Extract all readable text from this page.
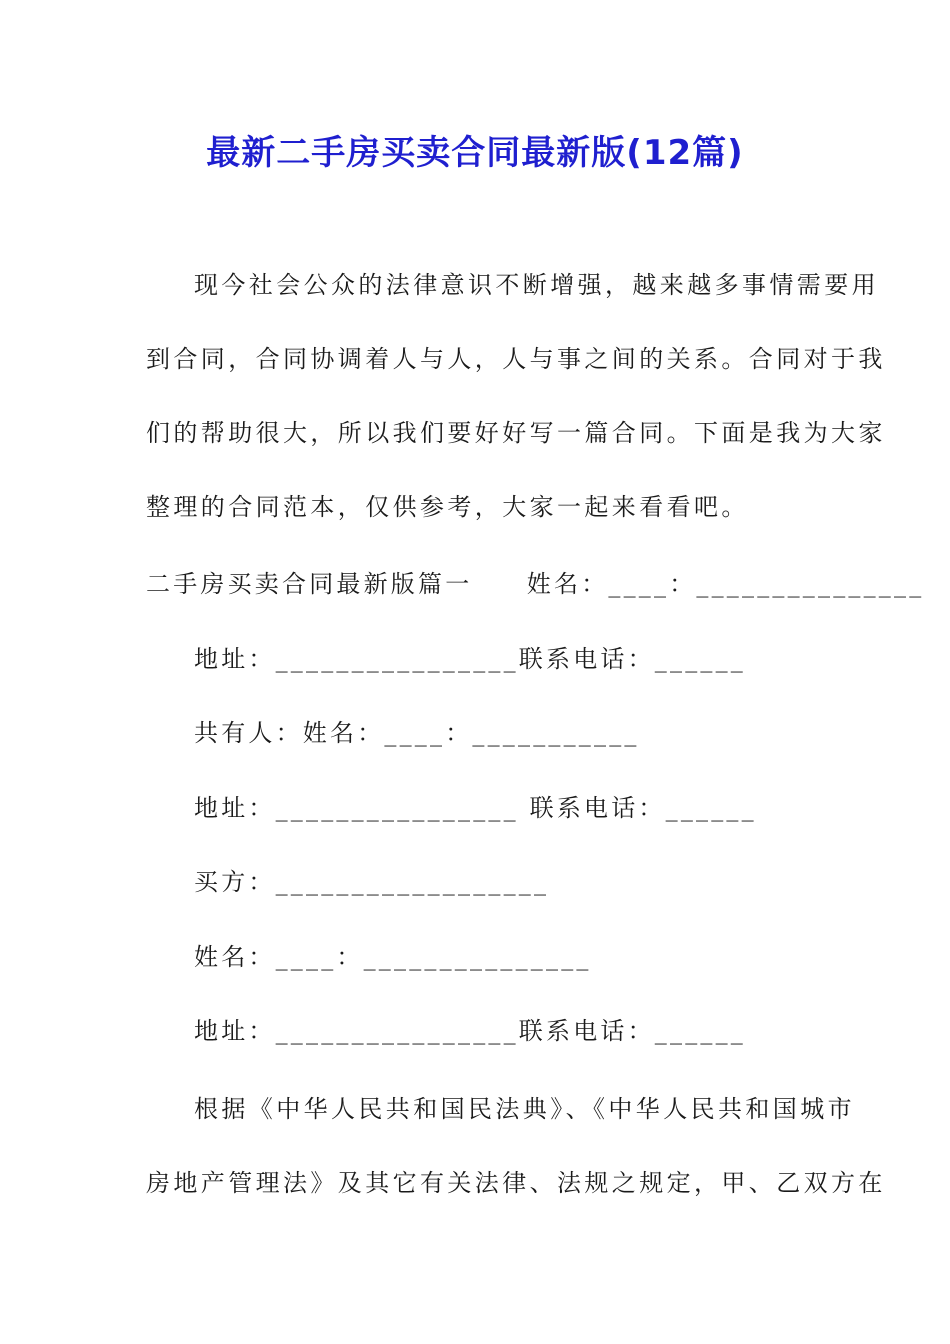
最新二手房买卖合同最新版(12篇)
现今社会公众的法律意识不断增强，越来越多事情需要用
到合同，合同协调着人与人，人与事之间的关系。合同对于我
们的帮助很大，所以我们要好好写一篇合同。下面是我为大家
整理的合同范本，仅供参考，大家一起来看看吧。
二手房买卖合同最新版篇一　　姓名：____：_______________
地址：________________联系电话：______
共有人：姓名：____：___________
地址：________________ 联系电话：______
买方：__________________
姓名：____：_______________
地址：________________联系电话：______
根据《中华人民共和国民法典》、《中华人民共和国城市
房地产管理法》及其它有关法律、法规之规定，甲、乙双方在
